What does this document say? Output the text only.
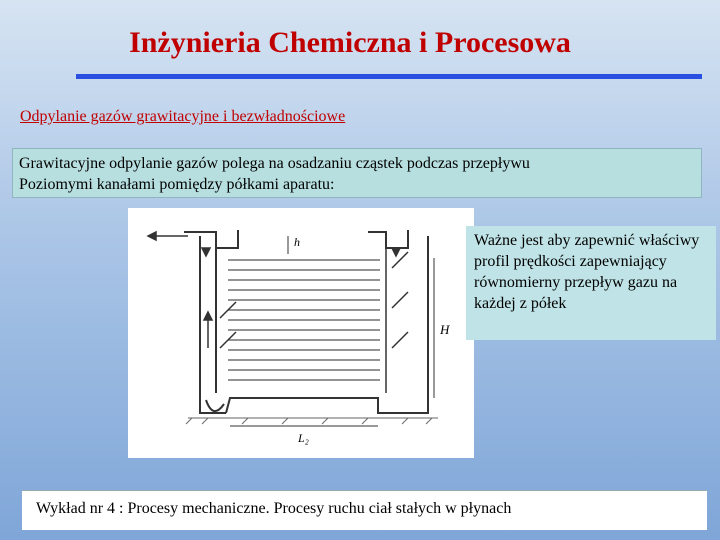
Inżynieria Chemiczna i Procesowa
Odpylanie gazów grawitacyjne i bezwładnościowe
Grawitacyjne odpylanie gazów polega na osadzaniu cząstek podczas przepływu
Poziomymi kanałami pomiędzy półkami aparatu:
h
H
L₂
Ważne jest aby zapewnić właściwy profil prędkości zapewniający równomierny przepływ gazu na każdej z półek
Wykład nr 4 : Procesy mechaniczne. Procesy ruchu ciał stałych w płynach
